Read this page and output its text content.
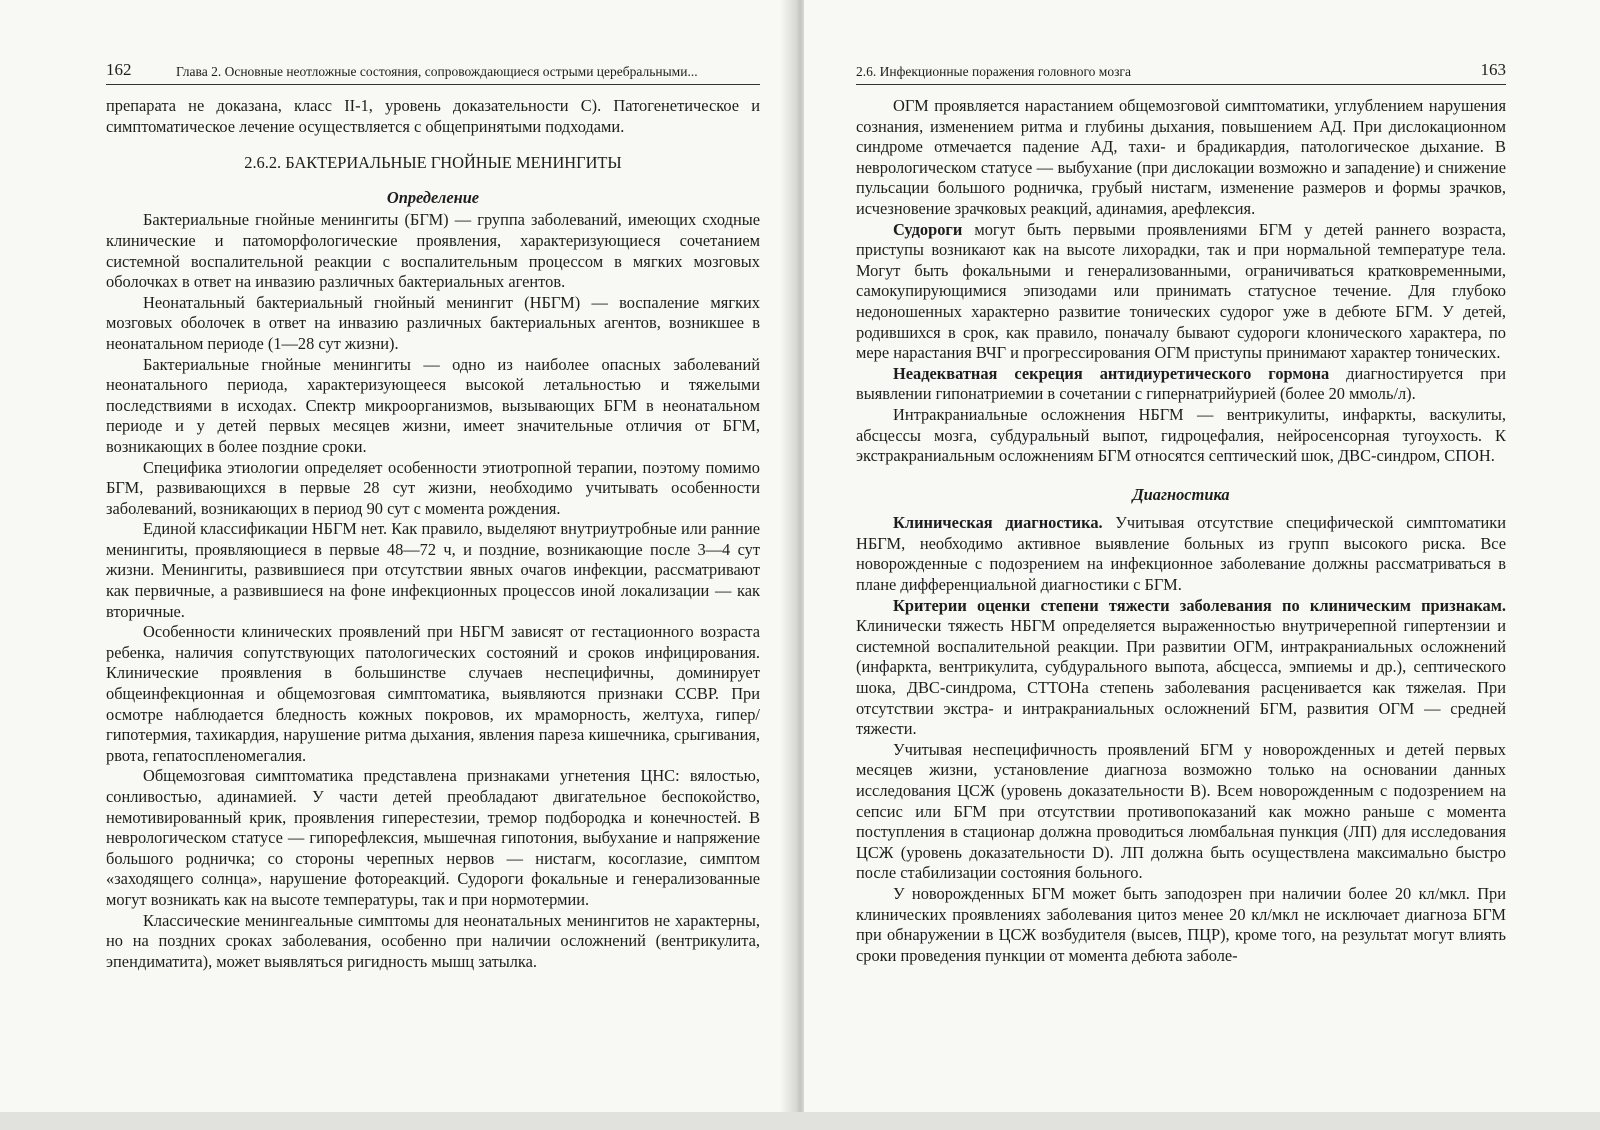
162	Глава 2. Основные неотложные состояния, сопровождающиеся острыми церебральными...

препарата не доказана, класс II-1, уровень доказательности С). Патогенетическое и симптоматическое лечение осуществляется с общепринятыми подходами.

2.6.2. БАКТЕРИАЛЬНЫЕ ГНОЙНЫЕ МЕНИНГИТЫ

Определение

Бактериальные гнойные менингиты (БГМ) — группа заболеваний, имеющих сходные клинические и патоморфологические проявления, характеризующиеся сочетанием системной воспалительной реакции с воспалительным процессом в мягких мозговых оболочках в ответ на инвазию различных бактериальных агентов.

Неонатальный бактериальный гнойный менингит (НБГМ) — воспаление мягких мозговых оболочек в ответ на инвазию различных бактериальных агентов, возникшее в неонатальном периоде (1—28 сут жизни).

Бактериальные гнойные менингиты — одно из наиболее опасных заболеваний неонатального периода, характеризующееся высокой летальностью и тяжелыми последствиями в исходах. Спектр микроорганизмов, вызывающих БГМ в неонатальном периоде и у детей первых месяцев жизни, имеет значительные отличия от БГМ, возникающих в более поздние сроки.

Специфика этиологии определяет особенности этиотропной терапии, поэтому помимо БГМ, развивающихся в первые 28 сут жизни, необходимо учитывать особенности заболеваний, возникающих в период 90 сут с момента рождения.

Единой классификации НБГМ нет. Как правило, выделяют внутриутробные или ранние менингиты, проявляющиеся в первые 48—72 ч, и поздние, возникающие после 3—4 сут жизни. Менингиты, развившиеся при отсутствии явных очагов инфекции, рассматривают как первичные, а развившиеся на фоне инфекционных процессов иной локализации — как вторичные.

Особенности клинических проявлений при НБГМ зависят от гестационного возраста ребенка, наличия сопутствующих патологических состояний и сроков инфицирования. Клинические проявления в большинстве случаев неспецифичны, доминирует общеинфекционная и общемозговая симптоматика, выявляются признаки ССВР. При осмотре наблюдается бледность кожных покровов, их мраморность, желтуха, гипер/гипотермия, тахикардия, нарушение ритма дыхания, явления пареза кишечника, срыгивания, рвота, гепатоспленомегалия.

Общемозговая симптоматика представлена признаками угнетения ЦНС: вялостью, сонливостью, адинамией. У части детей преобладают двигательное беспокойство, немотивированный крик, проявления гиперестезии, тремор подбородка и конечностей. В неврологическом статусе — гипорефлексия, мышечная гипотония, выбухание и напряжение большого родничка; со стороны черепных нервов — нистагм, косоглазие, симптом «заходящего солнца», нарушение фотореакций. Судороги фокальные и генерализованные могут возникать как на высоте температуры, так и при нормотермии.

Классические менингеальные симптомы для неонатальных менингитов не характерны, но на поздних сроках заболевания, особенно при наличии осложнений (вентрикулита, эпендиматита), может выявляться ригидность мышц затылка.

2.6. Инфекционные поражения головного мозга	163

ОГМ проявляется нарастанием общемозговой симптоматики, углублением нарушения сознания, изменением ритма и глубины дыхания, повышением АД. При дислокационном синдроме отмечается падение АД, тахи- и брадикардия, патологическое дыхание. В неврологическом статусе — выбухание (при дислокации возможно и западение) и снижение пульсации большого родничка, грубый нистагм, изменение размеров и формы зрачков, исчезновение зрачковых реакций, адинамия, арефлексия.

Судороги могут быть первыми проявлениями БГМ у детей раннего возраста, приступы возникают как на высоте лихорадки, так и при нормальной температуре тела. Могут быть фокальными и генерализованными, ограничиваться кратковременными, самокупирующимися эпизодами или принимать статусное течение. Для глубоко недоношенных характерно развитие тонических судорог уже в дебюте БГМ. У детей, родившихся в срок, как правило, поначалу бывают судороги клонического характера, по мере нарастания ВЧГ и прогрессирования ОГМ приступы принимают характер тонических.

Неадекватная секреция антидиуретического гормона диагностируется при выявлении гипонатриемии в сочетании с гипернатрийурией (более 20 ммоль/л).

Интракраниальные осложнения НБГМ — вентрикулиты, инфаркты, васкулиты, абсцессы мозга, субдуральный выпот, гидроцефалия, нейросенсорная тугоухость. К экстракраниальным осложнениям БГМ относятся септический шок, ДВС-синдром, СПОН.

Диагностика

Клиническая диагностика. Учитывая отсутствие специфической симптоматики НБГМ, необходимо активное выявление больных из групп высокого риска. Все новорожденные с подозрением на инфекционное заболевание должны рассматриваться в плане дифференциальной диагностики с БГМ.

Критерии оценки степени тяжести заболевания по клиническим признакам. Клинически тяжесть НБГМ определяется выраженностью внутричерепной гипертензии и системной воспалительной реакции. При развитии ОГМ, интракраниальных осложнений (инфаркта, вентрикулита, субдурального выпота, абсцесса, эмпиемы и др.), септического шока, ДВС-синдрома, СТТОНа степень заболевания расценивается как тяжелая. При отсутствии экстра- и интракраниальных осложнений БГМ, развития ОГМ — средней тяжести.

Учитывая неспецифичность проявлений БГМ у новорожденных и детей первых месяцев жизни, установление диагноза возможно только на основании данных исследования ЦСЖ (уровень доказательности В). Всем новорожденным с подозрением на сепсис или БГМ при отсутствии противопоказаний как можно раньше с момента поступления в стационар должна проводиться люмбальная пункция (ЛП) для исследования ЦСЖ (уровень доказательности D). ЛП должна быть осуществлена максимально быстро после стабилизации состояния больного.

У новорожденных БГМ может быть заподозрен при наличии более 20 кл/мкл. При клинических проявлениях заболевания цитоз менее 20 кл/мкл не исключает диагноза БГМ при обнаружении в ЦСЖ возбудителя (высев, ПЦР), кроме того, на результат могут влиять сроки проведения пункции от момента дебюта заболе-
